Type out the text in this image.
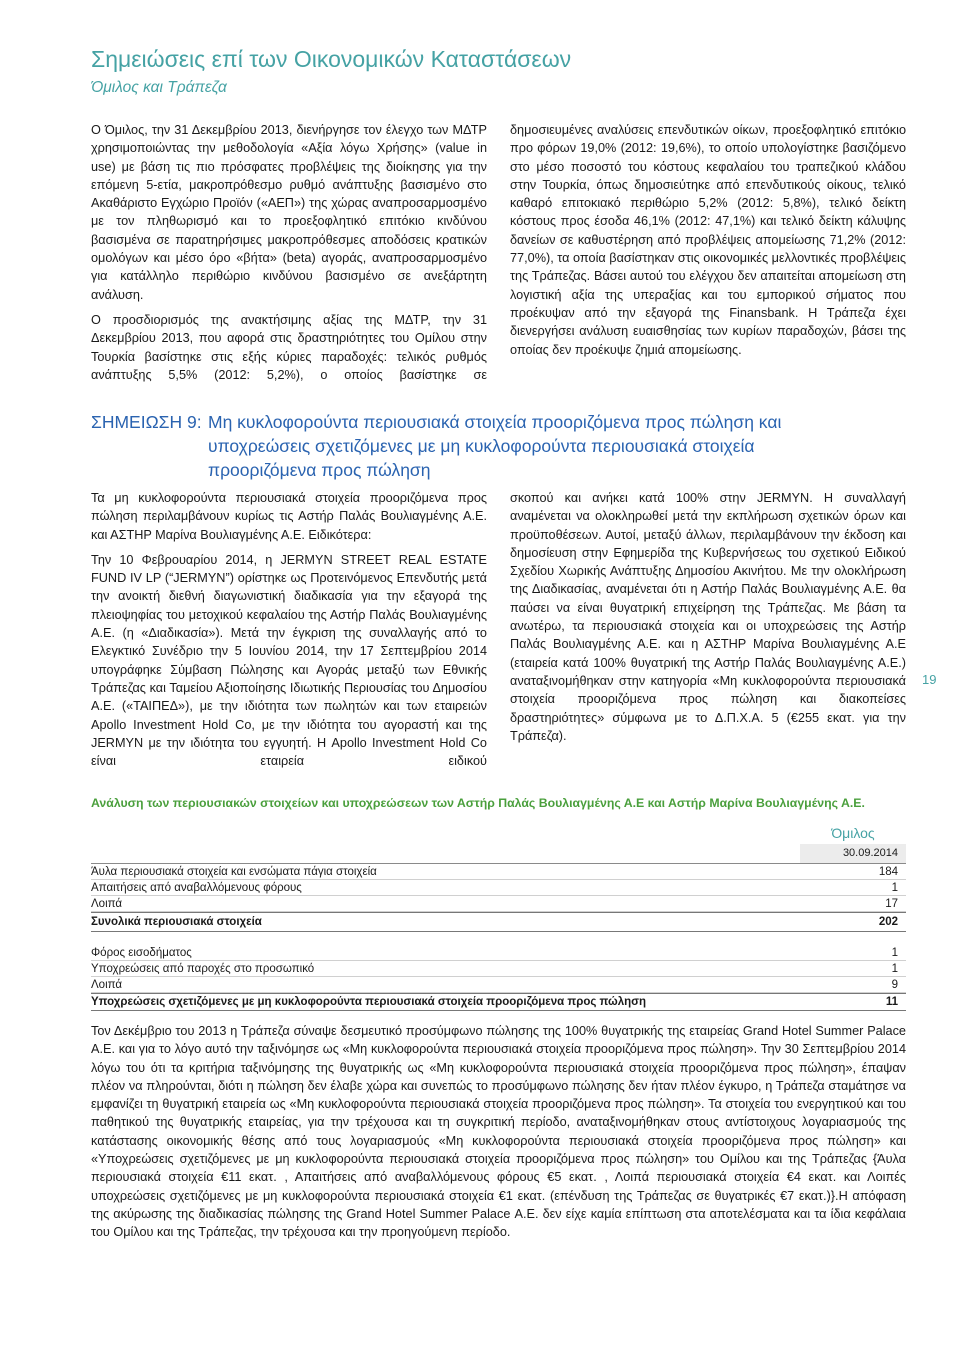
Σημειώσεις επί των Οικονομικών Καταστάσεων
Όμιλος και Τράπεζα

Ο Όμιλος, την 31 Δεκεμβρίου 2013, διενήργησε τον έλεγχο των ΜΔΤΡ χρησιμοποιώντας την μεθοδολογία «Αξία λόγω Χρήσης» (value in use) με βάση τις πιο πρόσφατες προβλέψεις της διοίκησης για την επόμενη 5-ετία, μακροπρόθεσμο ρυθμό ανάπτυξης βασισμένο στο Ακαθάριστο Εγχώριο Προϊόν («ΑΕΠ») της χώρας αναπροσαρμοσμένο με τον πληθωρισμό και το προεξοφλητικό επιτόκιο κινδύνου βασισμένα σε παρατηρήσιμες μακροπρόθεσμες αποδόσεις κρατικών ομολόγων και μέσο όρο «βήτα» (beta) αγοράς, αναπροσαρμοσμένο για κατάλληλο περιθώριο κινδύνου βασισμένο σε ανεξάρτητη ανάλυση.

Ο προσδιορισμός της ανακτήσιμης αξίας της ΜΔΤΡ, την 31 Δεκεμβρίου 2013, που αφορά στις δραστηριότητες του Ομίλου στην Τουρκία βασίστηκε στις εξής κύριες παραδοχές: τελικός ρυθμός ανάπτυξης 5,5% (2012: 5,2%), ο οποίος βασίστηκε σε

δημοσιευμένες αναλύσεις επενδυτικών οίκων, προεξοφλητικό επιτόκιο προ φόρων 19,0% (2012: 19,6%), το οποίο υπολογίστηκε βασιζόμενο στο μέσο ποσοστό του κόστους κεφαλαίου του τραπεζικού κλάδου στην Τουρκία, όπως δημοσιεύτηκε από επενδυτικούς οίκους, τελικό καθαρό επιτοκιακό περιθώριο 5,2% (2012: 5,8%), τελικό δείκτη κόστους προς έσοδα 46,1% (2012: 47,1%) και τελικό δείκτη κάλυψης δανείων σε καθυστέρηση από προβλέψεις απομείωσης 71,2% (2012: 77,0%), τα οποία βασίστηκαν στις οικονομικές μελλοντικές προβλέψεις της Τράπεζας. Βάσει αυτού του ελέγχου δεν απαιτείται απομείωση στη λογιστική αξία της υπεραξίας και του εμπορικού σήματος που προέκυψαν από την εξαγορά της Finansbank. Η Τράπεζα έχει διενεργήσει ανάλυση ευαισθησίας των κυρίων παραδοχών, βάσει της οποίας δεν προέκυψε ζημιά απομείωσης.

ΣΗΜΕΙΩΣΗ 9: Μη κυκλοφορούντα περιουσιακά στοιχεία προοριζόμενα προς πώληση και
υποχρεώσεις σχετιζόμενες με μη κυκλοφορούντα περιουσιακά στοιχεία
προοριζόμενα προς πώληση

Τα μη κυκλοφορούντα περιουσιακά στοιχεία προοριζόμενα προς πώληση περιλαμβάνουν κυρίως τις Αστήρ Παλάς Βουλιαγμένης Α.Ε. και ΑΣΤΗΡ Μαρίνα Βουλιαγμένης Α.Ε. Ειδικότερα:

Την 10 Φεβρουαρίου 2014, η JERMYN STREET REAL ESTATE FUND IV LP (“JERMYN”) ορίστηκε ως Προτεινόμενος Επενδυτής μετά την ανοικτή διεθνή διαγωνιστική διαδικασία για την εξαγορά της πλειοψηφίας του μετοχικού κεφαλαίου της Αστήρ Παλάς Βουλιαγμένης Α.Ε. (η «Διαδικασία»). Μετά την έγκριση της συναλλαγής από το Ελεγκτικό Συνέδριο την 5 Ιουνίου 2014, την 17 Σεπτεμβρίου 2014 υπογράφηκε Σύμβαση Πώλησης και Αγοράς μεταξύ των Εθνικής Τράπεζας και Ταμείου Αξιοποίησης Ιδιωτικής Περιουσίας του Δημοσίου Α.Ε. («ΤΑΙΠΕΔ»), με την ιδιότητα των πωλητών και των εταιρειών Apollo Investment Hold Co, με την ιδιότητα του αγοραστή και της JERMYN με την ιδιότητα του εγγυητή. Η Apollo Investment Hold Co είναι εταιρεία ειδικού

σκοπού και ανήκει κατά 100% στην JERMYN. Η συναλλαγή αναμένεται να ολοκληρωθεί μετά την εκπλήρωση σχετικών όρων και προϋποθέσεων. Αυτοί, μεταξύ άλλων, περιλαμβάνουν την έκδοση και δημοσίευση στην Εφημερίδα της Κυβερνήσεως του σχετικού Ειδικού Σχεδίου Χωρικής Ανάπτυξης Δημοσίου Ακινήτου. Με την ολοκλήρωση της Διαδικασίας, αναμένεται ότι η Αστήρ Παλάς Βουλιαγμένης Α.Ε. θα παύσει να είναι θυγατρική επιχείρηση της Τράπεζας. Με βάση τα ανωτέρω, τα περιουσιακά στοιχεία και οι υποχρεώσεις της Αστήρ Παλάς Βουλιαγμένης Α.Ε. και η ΑΣΤΗΡ Μαρίνα Βουλιαγμένης Α.Ε (εταιρεία κατά 100% θυγατρική της Αστήρ Παλάς Βουλιαγμένης Α.Ε.) αναταξινομήθηκαν στην κατηγορία «Μη κυκλοφορούντα περιουσιακά στοιχεία προοριζόμενα προς πώληση και διακοπείσες δραστηριότητες» σύμφωνα με το Δ.Π.Χ.Α. 5 (€255 εκατ. για την Τράπεζα).

19
Ανάλυση των περιουσιακών στοιχείων και υποχρεώσεων των Αστήρ Παλάς Βουλιαγμένης Α.Ε και Αστήρ Μαρίνα Βουλιαγμένης Α.Ε.
Όμιλος
30.09.2014
Άυλα περιουσιακά στοιχεία και ενσώματα πάγια στοιχεία	184
Απαιτήσεις από αναβαλλόμενους φόρους	1
Λοιπά	17
Συνολικά περιουσιακά στοιχεία	202
Φόρος εισοδήματος	1
Υποχρεώσεις από παροχές στο προσωπικό	1
Λοιπά	9
Υποχρεώσεις σχετιζόμενες με μη κυκλοφορούντα περιουσιακά στοιχεία προοριζόμενα προς πώληση	11

Τον Δεκέμβριο του 2013 η Τράπεζα σύναψε δεσμευτικό προσύμφωνο πώλησης της 100% θυγατρικής της εταιρείας Grand Hotel Summer Palace Α.Ε. και για το λόγο αυτό την ταξινόμησε ως «Μη κυκλοφορούντα περιουσιακά στοιχεία προοριζόμενα προς πώληση». Την 30 Σεπτεμβρίου 2014 λόγω του ότι τα κριτήρια ταξινόμησης της θυγατρικής ως «Μη κυκλοφορούντα περιουσιακά στοιχεία προοριζόμενα προς πώληση», έπαψαν πλέον να πληρούνται, διότι η πώληση δεν έλαβε χώρα και συνεπώς το προσύμφωνο πώλησης δεν ήταν πλέον έγκυρο, η Τράπεζα σταμάτησε να εμφανίζει τη θυγατρική εταιρεία ως «Μη κυκλοφορούντα περιουσιακά στοιχεία προοριζόμενα προς πώληση». Τα στοιχεία του ενεργητικού και του παθητικού της θυγατρικής εταιρείας, για την τρέχουσα και τη συγκριτική περίοδο, αναταξινομήθηκαν στους αντίστοιχους λογαριασμούς της κατάστασης οικονομικής θέσης από τους λογαριασμούς «Μη κυκλοφορούντα περιουσιακά στοιχεία προοριζόμενα προς πώληση» και «Υποχρεώσεις σχετιζόμενες με μη κυκλοφορούντα περιουσιακά στοιχεία προοριζόμενα προς πώληση» του Ομίλου και της Τράπεζας {Άυλα περιουσιακά στοιχεία €11 εκατ. , Απαιτήσεις από αναβαλλόμενους φόρους €5 εκατ. , Λοιπά περιουσιακά στοιχεία €4 εκατ. και Λοιπές υποχρεώσεις σχετιζόμενες με μη κυκλοφορούντα περιουσιακά στοιχεία €1 εκατ. (επένδυση της Τράπεζας σε θυγατρικές €7 εκατ.)}.Η απόφαση της ακύρωσης της διαδικασίας πώλησης της Grand Hotel Summer Palace Α.Ε. δεν είχε καμία επίπτωση στα αποτελέσματα και τα ίδια κεφάλαια του Ομίλου και της Τράπεζας, την τρέχουσα και την προηγούμενη περίοδο.
